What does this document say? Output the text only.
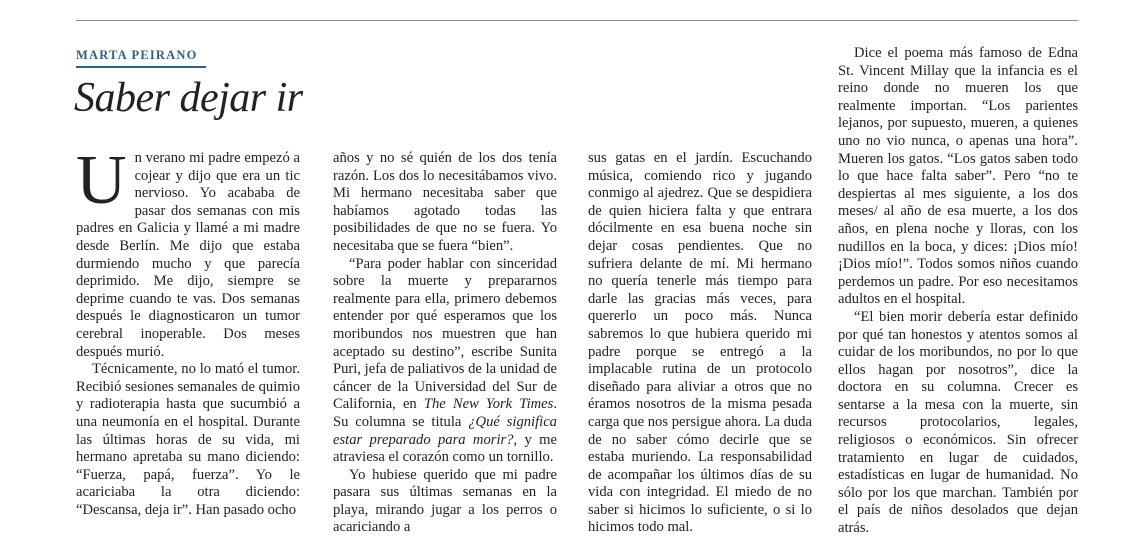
MARTA PEIRANO
Saber dejar ir

Un verano mi padre empezó a cojear y dijo que era un tic nervioso. Yo acababa de pasar dos semanas con mis padres en Galicia y llamé a mi madre desde Berlín. Me dijo que estaba durmiendo mucho y que parecía deprimido. Me dijo, siempre se deprime cuando te vas. Dos semanas después le diagnosticaron un tumor cerebral inoperable. Dos meses después murió.

Técnicamente, no lo mató el tumor. Recibió sesiones semanales de quimio y radioterapia hasta que sucumbió a una neumonía en el hospital. Durante las últimas horas de su vida, mi hermano apretaba su mano diciendo: “Fuerza, papá, fuerza”. Yo le acariciaba la otra diciendo: “Descansa, deja ir”. Han pasado ocho

años y no sé quién de los dos tenía razón. Los dos lo necesitábamos vivo. Mi hermano necesitaba saber que habíamos agotado todas las posibilidades de que no se fuera. Yo necesitaba que se fuera “bien”.

“Para poder hablar con sinceridad sobre la muerte y prepararnos realmente para ella, primero debemos entender por qué esperamos que los moribundos nos muestren que han aceptado su destino”, escribe Sunita Puri, jefa de paliativos de la unidad de cáncer de la Universidad del Sur de California, en The New York Times. Su columna se titula ¿Qué significa estar preparado para morir?, y me atraviesa el corazón como un tornillo.

Yo hubiese querido que mi padre pasara sus últimas semanas en la playa, mirando jugar a los perros o acariciando a

sus gatas en el jardín. Escuchando música, comiendo rico y jugando conmigo al ajedrez. Que se despidiera de quien hiciera falta y que entrara dócilmente en esa buena noche sin dejar cosas pendientes. Que no sufriera delante de mí. Mi hermano no quería tenerle más tiempo para darle las gracias más veces, para quererlo un poco más. Nunca sabremos lo que hubiera querido mi padre porque se entregó a la implacable rutina de un protocolo diseñado para aliviar a otros que no éramos nosotros de la misma pesada carga que nos persigue ahora. La duda de no saber cómo decirle que se estaba muriendo. La responsabilidad de acompañar los últimos días de su vida con integridad. El miedo de no saber si hicimos lo suficiente, o si lo hicimos todo mal.

Dice el poema más famoso de Edna St. Vincent Millay que la infancia es el reino donde no mueren los que realmente importan. “Los parientes lejanos, por supuesto, mueren, a quienes uno no vio nunca, o apenas una hora”. Mueren los gatos. “Los gatos saben todo lo que hace falta saber”. Pero “no te despiertas al mes siguiente, a los dos meses/ al año de esa muerte, a los dos años, en plena noche y lloras, con los nudillos en la boca, y dices: ¡Dios mío! ¡Dios mío!”. Todos somos niños cuando perdemos un padre. Por eso necesitamos adultos en el hospital.

“El bien morir debería estar definido por qué tan honestos y atentos somos al cuidar de los moribundos, no por lo que ellos hagan por nosotros”, dice la doctora en su columna. Crecer es sentarse a la mesa con la muerte, sin recursos protocolarios, legales, religiosos o económicos. Sin ofrecer tratamiento en lugar de cuidados, estadísticas en lugar de humanidad. No sólo por los que marchan. También por el país de niños desolados que dejan atrás.
